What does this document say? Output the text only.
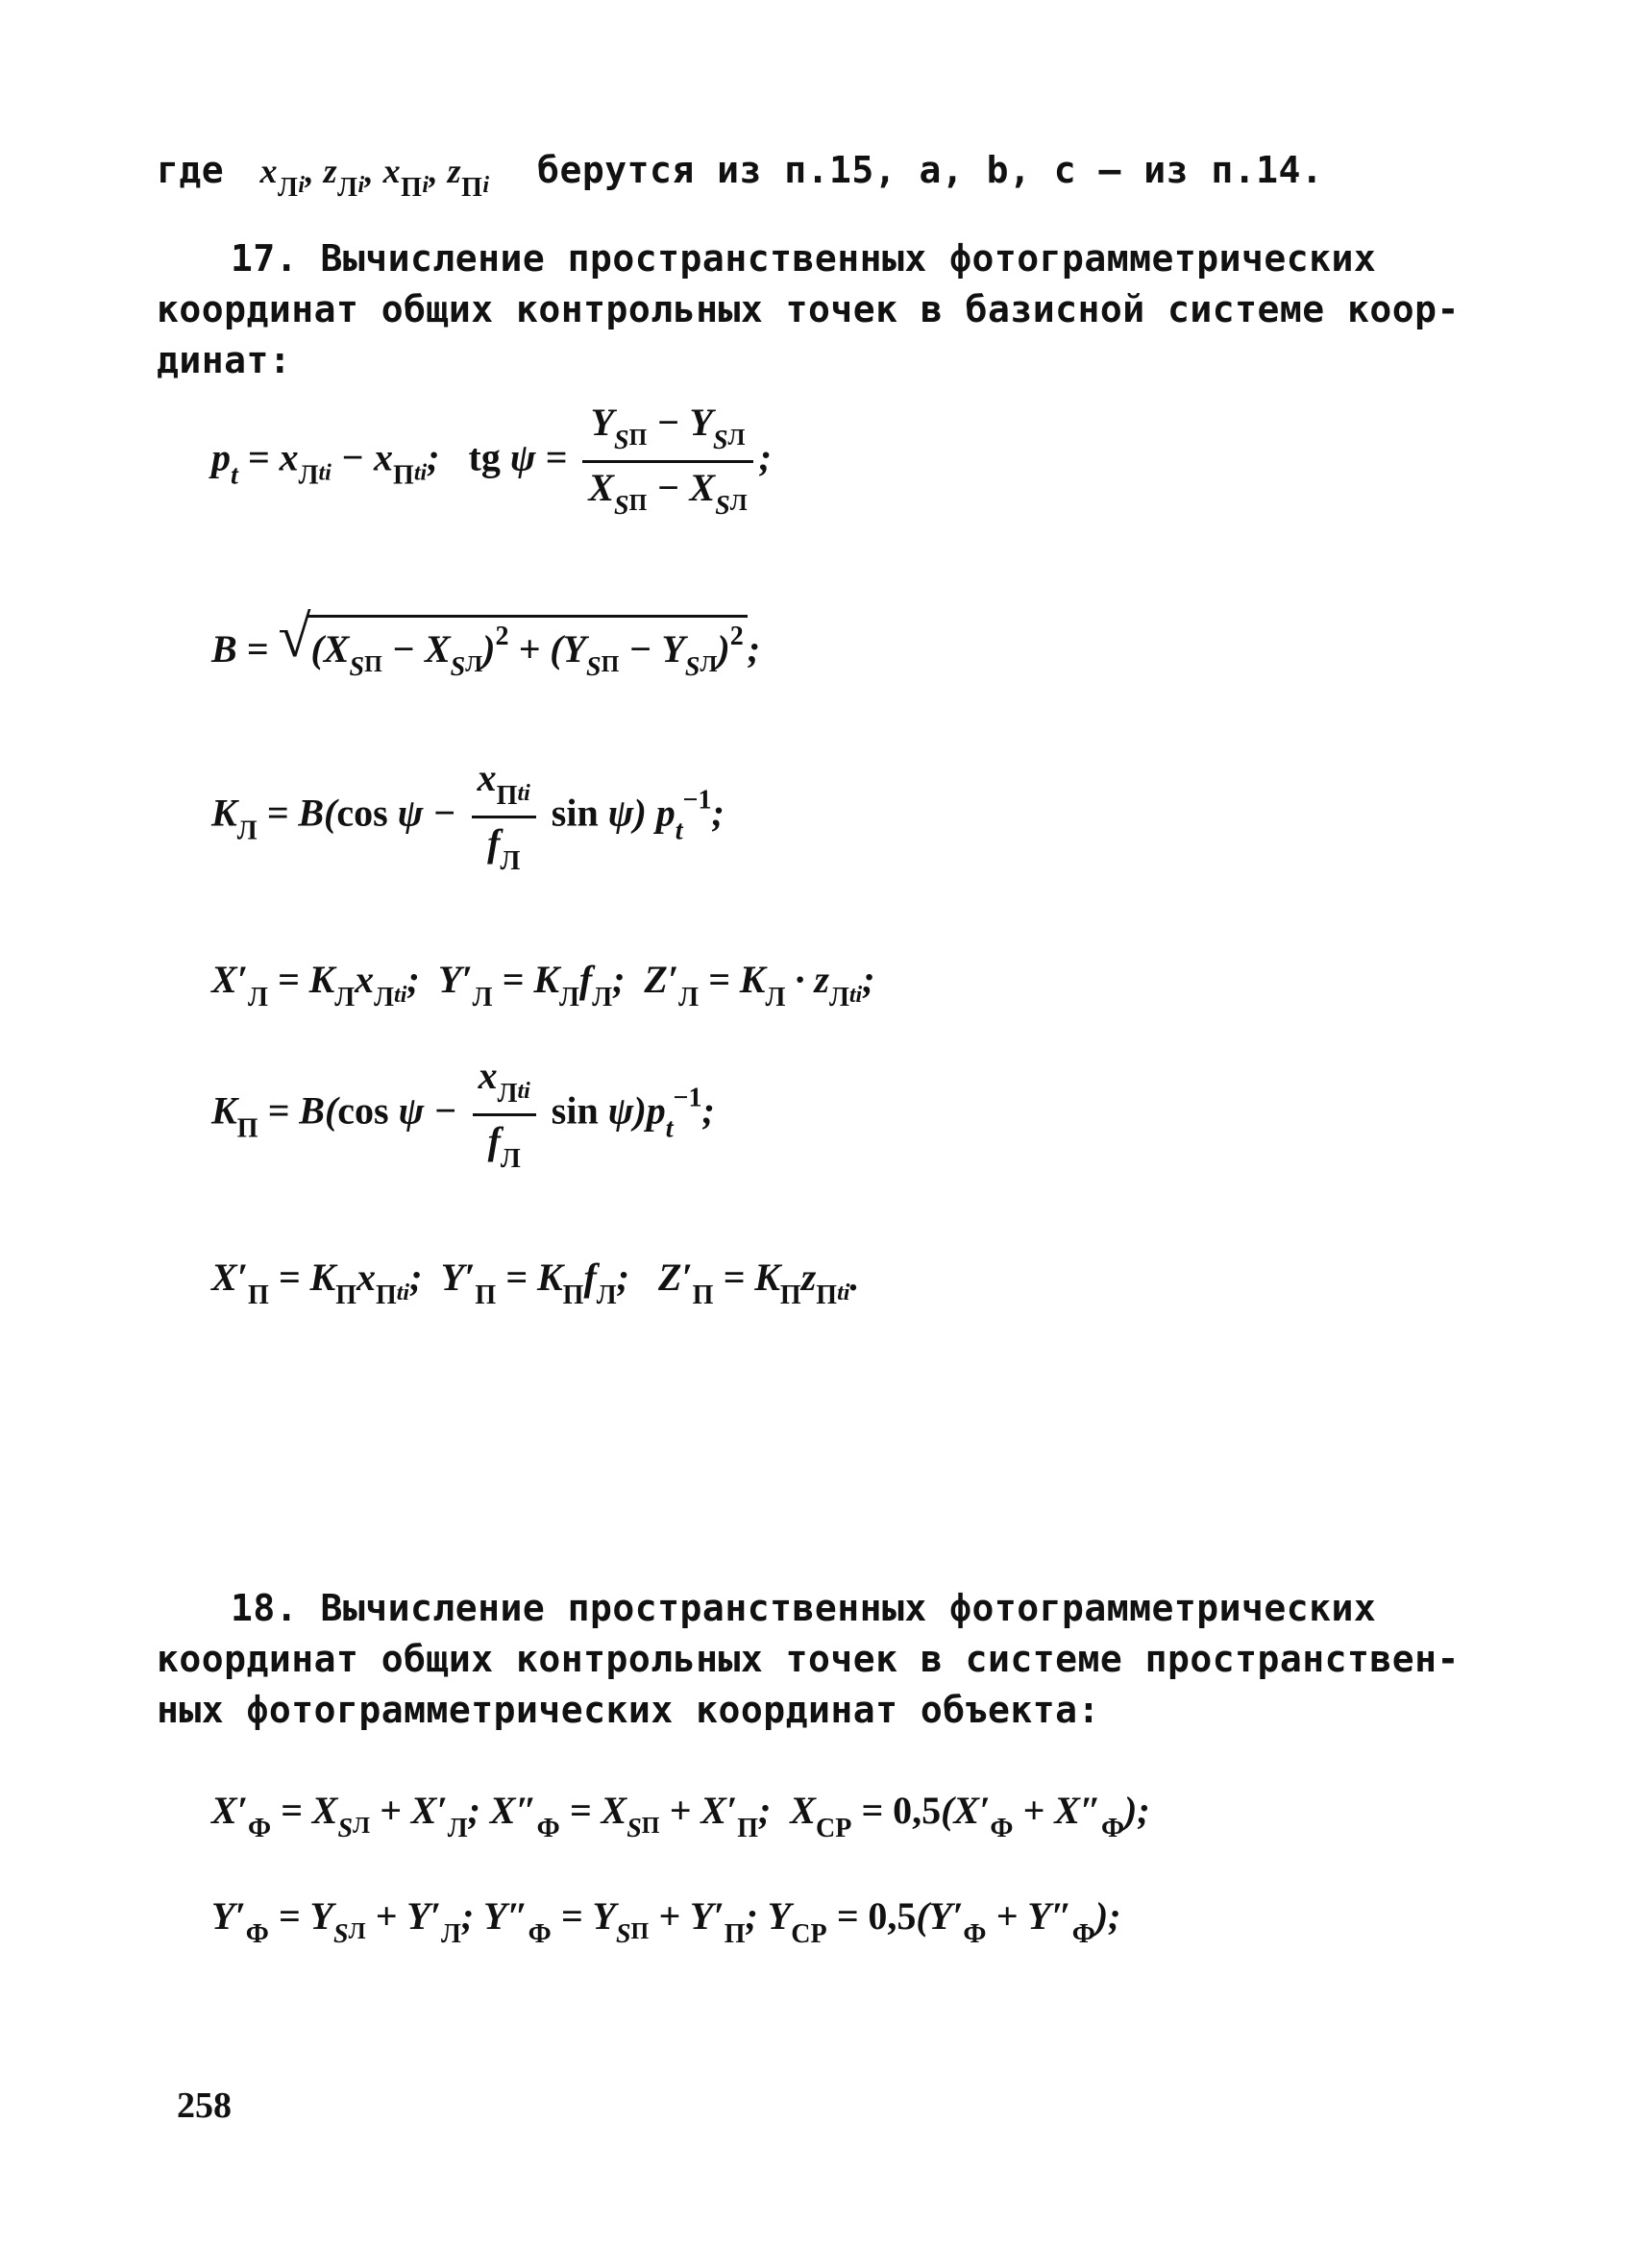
где $x_{Лi}$, $z_{Лi}$, $x_{Пi}$, $z_{Пi}$ берутся из п.15, a, b, c – из п.14.
17. Вычисление пространственных фотограмметрических
координат общих контрольных точек в базисной системе коор-
динат:
$p_t = x_{Лti} - x_{Пti}$;   tg $\psi = \frac{Y_{SП} - Y_{SЛ}}{X_{SП} - X_{SЛ}}$ ;
B = √ $(X_{SП} - X_{SЛ})^2 + (Y_{SП} - Y_{SЛ})^2$ ;
$K_Л = B(\cos$ $\psi - \frac{x_{Пti}}{f_Л}$ sin ψ) $p_t^{-1}$;
$X'_Л = K_Лx_{Лti}$;  $Y'_Л = K_Лf_Л$;  $Z'_Л = K_Л \cdot z_{Лti}$;
$K_П = B(\cos$ $\psi - \frac{x_{Лti}}{f_Л}$ $\sin \psi)p_t^{-1}$;
$X'_П = K_Пx_{Пti}$;  $Y'_П = K_Пf_Л$;   $Z'_П = K_Пz_{Пti}$.
18. Вычисление пространственных фотограмметрических
координат общих контрольных точек в системе пространствен-
ных фотограмметрических координат объекта:
$X'_Ф = X_{SЛ} + X'_Л$; $X''_Ф = X_{SП} + X'_П$;  $X_{СР} = 0,5(X'_Ф + X''_Ф)$;
$Y'_Ф = Y_{SЛ} + Y'_Л$; $Y''_Ф = Y_{SП} + Y'_П$; $Y_{СР} = 0,5(Y'_Ф + Y''_Ф)$;
258
